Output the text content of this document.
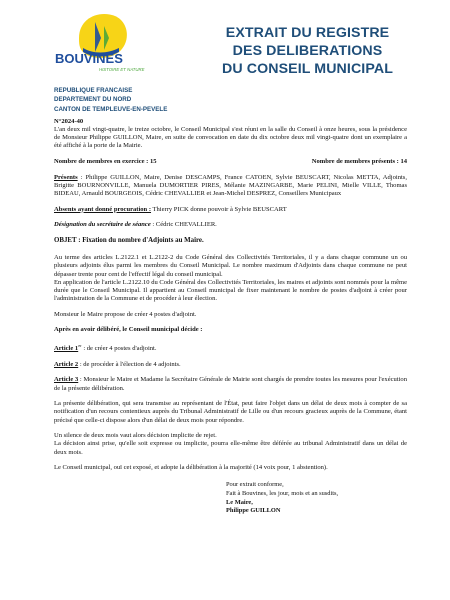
BOUVINES
HISTOIRE ET NATURE
EXTRAIT DU REGISTRE
DES DELIBERATIONS
DU CONSEIL MUNICIPAL
REPUBLIQUE FRANCAISE
DEPARTEMENT DU NORD
CANTON DE TEMPLEUVE-EN-PEVELE

N°2024-40

L'an deux mil vingt-quatre, le treize octobre, le Conseil Municipal s'est réuni en la salle du Conseil à onze heures, sous la présidence de Monsieur Philippe GUILLON, Maire, en suite de convocation en date du dix octobre deux mil vingt-quatre dont un exemplaire a été affiché à la porte de la Mairie.

Nombre de membres en exercice : 15	Nombre de membres présents : 14

Présents : Philippe GUILLON, Maire, Denise DESCAMPS, France CATOEN, Sylvie BEUSCART, Nicolas METTA, Adjoints, Brigitte BOURNONVILLE, Manuela DUMORTIER PIRES, Mélanie MAZINGARBE, Marie PELINI, Mielle VILLE, Thomas BIDEAU, Arnauld BOURGEOIS, Cédric CHEVALLIER et Jean-Michel DESPREZ, Conseillers Municipaux

Absents ayant donné procuration : Thierry PICK donne pouvoir à Sylvie BEUSCART

Désignation du secrétaire de séance : Cédric CHEVALLIER.

OBJET : Fixation du nombre d'Adjoints au Maire.

Au terme des articles L.2122.1 et L.2122-2 du Code Général des Collectivités Territoriales, il y a dans chaque commune un ou plusieurs adjoints élus parmi les membres du Conseil Municipal. Le nombre maximum d'Adjoints dans chaque commune ne peut dépasser trente pour cent de l'effectif légal du conseil municipal.

En application de l'article L.2122.10 du Code Général des Collectivités Territoriales, les maires et adjoints sont nommés pour la même durée que le Conseil Municipal. Il appartient au Conseil municipal de fixer maintenant le nombre de postes d'adjoint à créer pour l'administration de la Commune et de procéder à leur élection.

Monsieur le Maire propose de créer 4 postes d'adjoint.

Après en avoir délibéré, le Conseil municipal décide :

Article 1er : de créer 4 postes d'adjoint.

Article 2 : de procéder à l'élection de 4 adjoints.

Article 3 : Monsieur le Maire et Madame la Secrétaire Générale de Mairie sont chargés de prendre toutes les mesures pour l'exécution de la présente délibération.

La présente délibération, qui sera transmise au représentant de l'État, peut faire l'objet dans un délai de deux mois à compter de sa notification d'un recours contentieux auprès du Tribunal Administratif de Lille ou d'un recours gracieux auprès de la Commune, étant précisé que celle-ci dispose alors d'un délai de deux mois pour répondre.

Un silence de deux mois vaut alors décision implicite de rejet.

La décision ainsi prise, qu'elle soit expresse ou implicite, pourra elle-même être déférée au tribunal Administratif dans un délai de deux mois.

Le Conseil municipal, ouï cet exposé, et adopte la délibération à la majorité (14 voix pour, 1 abstention).

Pour extrait conforme,
Fait à Bouvines, les jour, mois et an susdits,
Le Maire,
Philippe GUILLON
